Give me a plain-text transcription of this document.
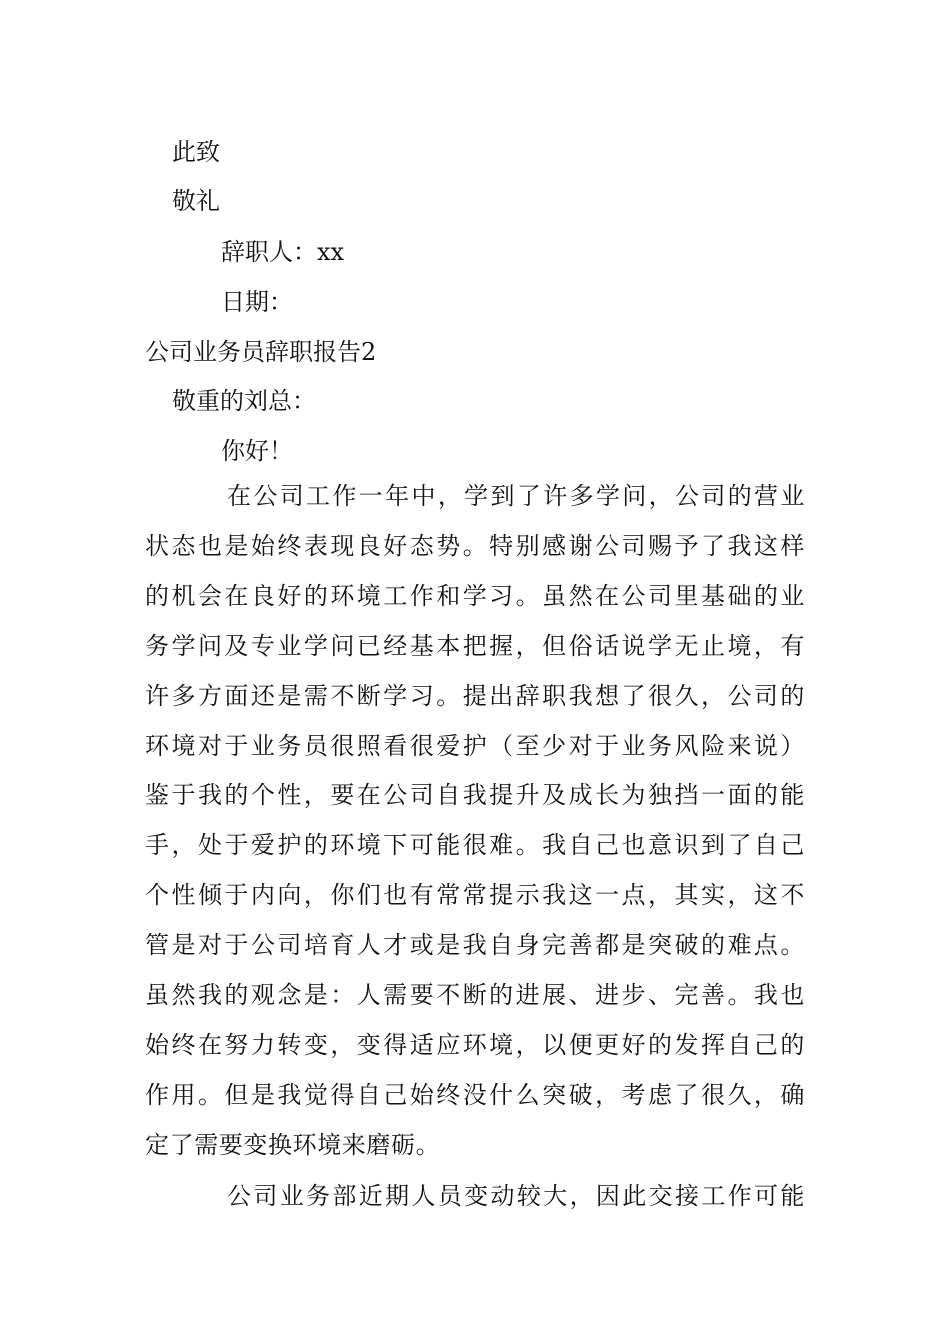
此致

敬礼

辞职人：xx

日期：

公司业务员辞职报告2

敬重的刘总：

你好！

在公司工作一年中，学到了许多学问，公司的营业
状态也是始终表现良好态势。特别感谢公司赐予了我这样
的机会在良好的环境工作和学习。虽然在公司里基础的业
务学问及专业学问已经基本把握，但俗话说学无止境，有
许多方面还是需不断学习。提出辞职我想了很久，公司的
环境对于业务员很照看很爱护（至少对于业务风险来说）
鉴于我的个性，要在公司自我提升及成长为独挡一面的能
手，处于爱护的环境下可能很难。我自己也意识到了自己
个性倾于内向，你们也有常常提示我这一点，其实，这不
管是对于公司培育人才或是我自身完善都是突破的难点。
虽然我的观念是：人需要不断的进展、进步、完善。我也
始终在努力转变，变得适应环境，以便更好的发挥自己的
作用。但是我觉得自己始终没什么突破，考虑了很久，确
定了需要变换环境来磨砺。
公司业务部近期人员变动较大，因此交接工作可能
